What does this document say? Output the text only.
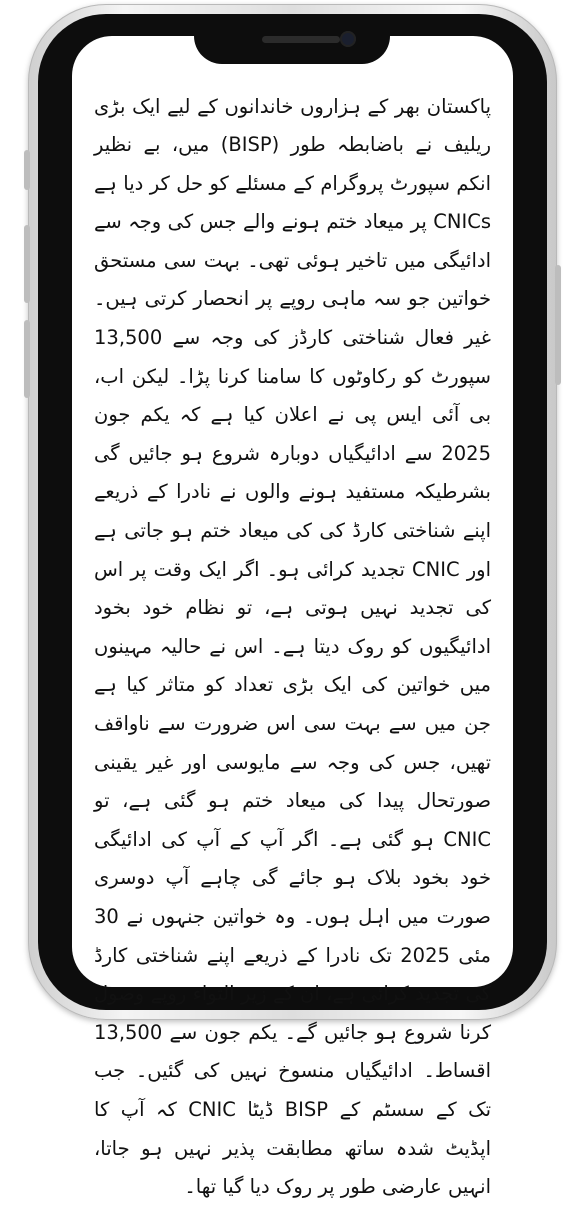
پاکستان بھر کے ہزاروں خاندانوں کے لیے ایک بڑی ریلیف نے باضابطہ طور (BISP) میں، بے نظیر انکم سپورٹ پروگرام کے مسئلے کو حل کر دیا ہے CNICs پر میعاد ختم ہونے والے جس کی وجہ سے ادائیگی میں تاخیر ہوئی تھی۔ بہت سی مستحق خواتین جو سہ ماہی روپے پر انحصار کرتی ہیں۔ غیر فعال شناختی کارڈز کی وجہ سے 13,500 سپورٹ کو رکاوٹوں کا سامنا کرنا پڑا۔ لیکن اب، بی آئی ایس پی نے اعلان کیا ہے کہ یکم جون 2025 سے ادائیگیاں دوبارہ شروع ہو جائیں گی بشرطیکہ مستفید ہونے والوں نے نادرا کے ذریعے اپنے شناختی کارڈ کی کی میعاد ختم ہو جاتی ہے اور CNIC تجدید کرائی ہو۔ اگر ایک وقت پر اس کی تجدید نہیں ہوتی ہے، تو نظام خود بخود ادائیگیوں کو روک دیتا ہے۔ اس نے حالیہ مہینوں میں خواتین کی ایک بڑی تعداد کو متاثر کیا ہے جن میں سے بہت سی اس ضرورت سے ناواقف تھیں، جس کی وجہ سے مایوسی اور غیر یقینی صورتحال پیدا کی میعاد ختم ہو گئی ہے، تو CNIC ہو گئی ہے۔ اگر آپ کے آپ کی ادائیگی خود بخود بلاک ہو جائے گی چاہے آپ دوسری صورت میں اہل ہوں۔ وہ خواتین جنہوں نے 30 مئی 2025 تک نادرا کے ذریعے اپنے شناختی کارڈ کی تجدید کرائی ہے، ان کے زیر التواء روپے وصول کرنا شروع ہو جائیں گے۔ یکم جون سے 13,500 اقساط۔ ادائیگیاں منسوخ نہیں کی گئیں۔ جب تک کے سسٹم کے BISP ڈیٹا CNIC کہ آپ کا اپڈیٹ شدہ ساتھ مطابقت پذیر نہیں ہو جاتا، انہیں عارضی طور پر روک دیا گیا تھا۔
